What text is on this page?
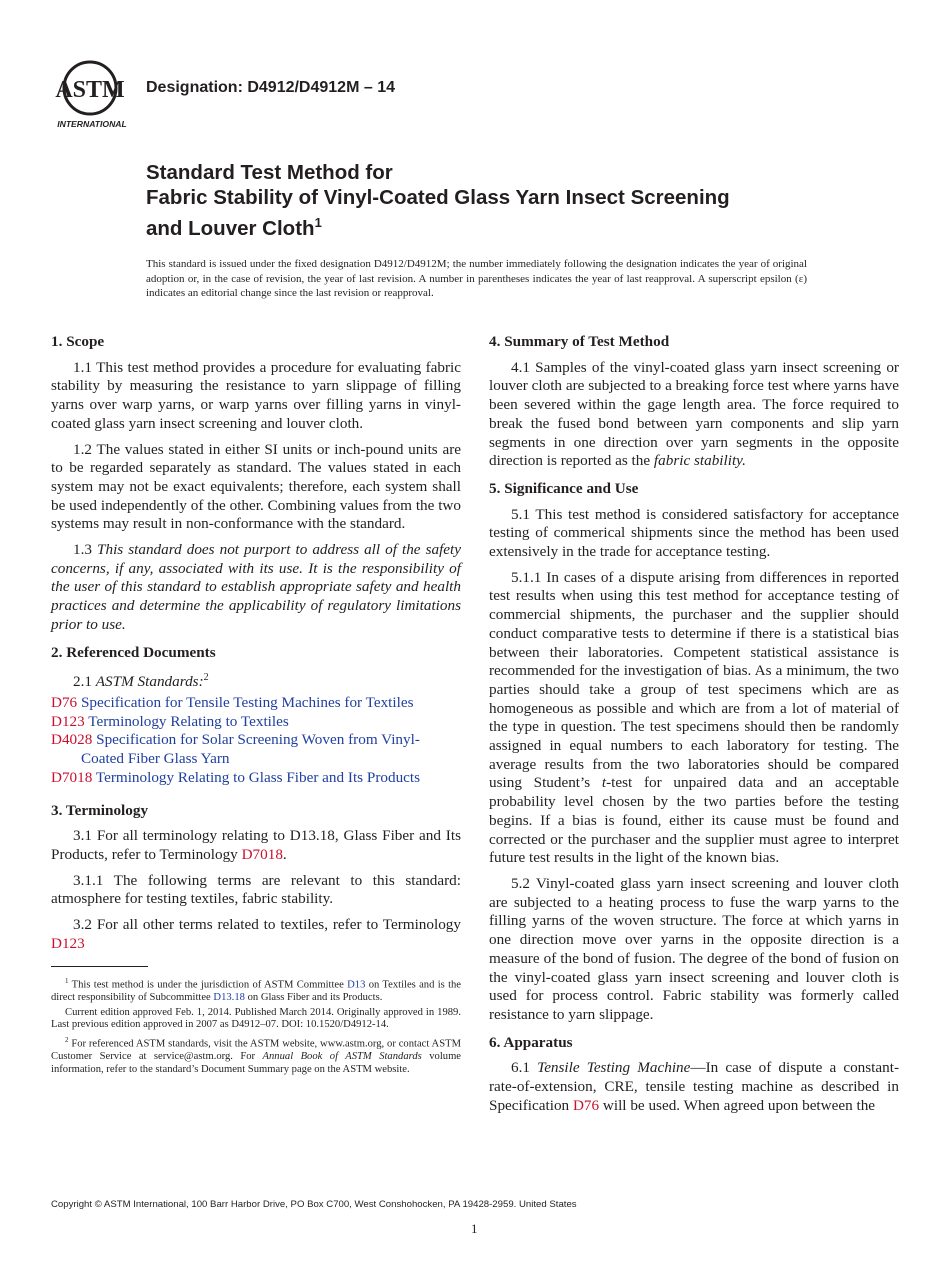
ASTM
INTERNATIONAL
Designation: D4912/D4912M – 14
Standard Test Method for
Fabric Stability of Vinyl-Coated Glass Yarn Insect Screening
and Louver Cloth$^1$
This standard is issued under the fixed designation D4912/D4912M; the number immediately following the designation indicates the year of original adoption or, in the case of revision, the year of last revision. A number in parentheses indicates the year of last reapproval. A superscript epsilon (ε) indicates an editorial change since the last revision or reapproval.
1. Scope
1.1 This test method provides a procedure for evaluating fabric stability by measuring the resistance to yarn slippage of filling yarns over warp yarns, or warp yarns over filling yarns in vinyl-coated glass yarn insect screening and louver cloth.
1.2 The values stated in either SI units or inch-pound units are to be regarded separately as standard. The values stated in each system may not be exact equivalents; therefore, each system shall be used independently of the other. Combining values from the two systems may result in non-conformance with the standard.
1.3 This standard does not purport to address all of the safety concerns, if any, associated with its use. It is the responsibility of the user of this standard to establish appropriate safety and health practices and determine the applicability of regulatory limitations prior to use.
2. Referenced Documents
2.1 ASTM Standards:$^2$
D76 Specification for Tensile Testing Machines for Textiles
D123 Terminology Relating to Textiles
D4028 Specification for Solar Screening Woven from Vinyl-Coated Fiber Glass Yarn
D7018 Terminology Relating to Glass Fiber and Its Products
3. Terminology
3.1 For all terminology relating to D13.18, Glass Fiber and Its Products, refer to Terminology D7018.
3.1.1 The following terms are relevant to this standard: atmosphere for testing textiles, fabric stability.
3.2 For all other terms related to textiles, refer to Terminology D123
$^1$ This test method is under the jurisdiction of ASTM Committee D13 on Textiles and is the direct responsibility of Subcommittee D13.18 on Glass Fiber and its Products.
Current edition approved Feb. 1, 2014. Published March 2014. Originally approved in 1989. Last previous edition approved in 2007 as D4912–07. DOI: 10.1520/D4912-14.
$^2$ For referenced ASTM standards, visit the ASTM website, www.astm.org, or contact ASTM Customer Service at service@astm.org. For Annual Book of ASTM Standards volume information, refer to the standard’s Document Summary page on the ASTM website.
4. Summary of Test Method
4.1 Samples of the vinyl-coated glass yarn insect screening or louver cloth are subjected to a breaking force test where yarns have been severed within the gage length area. The force required to break the fused bond between yarn components and slip yarn segments in one direction over yarn segments in the opposite direction is reported as the fabric stability.
5. Significance and Use
5.1 This test method is considered satisfactory for acceptance testing of commerical shipments since the method has been used extensively in the trade for acceptance testing.
5.1.1 In cases of a dispute arising from differences in reported test results when using this test method for acceptance testing of commercial shipments, the purchaser and the supplier should conduct comparative tests to determine if there is a statistical bias between their laboratories. Competent statistical assistance is recommended for the investigation of bias. As a minimum, the two parties should take a group of test specimens which are as homogeneous as possible and which are from a lot of material of the type in question. The test specimens should then be randomly assigned in equal numbers to each laboratory for testing. The average results from the two laboratories should be compared using Student’s t-test for unpaired data and an acceptable probability level chosen by the two parties before the testing begins. If a bias is found, either its cause must be found and corrected or the purchaser and the supplier must agree to interpret future test results in the light of the known bias.
5.2 Vinyl-coated glass yarn insect screening and louver cloth are subjected to a heating process to fuse the warp yarns to the filling yarns of the woven structure. The force at which yarns in one direction move over yarns in the opposite direction is a measure of the bond of fusion. The degree of the bond of fusion on the vinyl-coated glass yarn insect screening and louver cloth is used for process control. Fabric stability was formerly called resistance to yarn slippage.
6. Apparatus
6.1 Tensile Testing Machine—In case of dispute a constant-rate-of-extension, CRE, tensile testing machine as described in Specification D76 will be used. When agreed upon between the
Copyright © ASTM International, 100 Barr Harbor Drive, PO Box C700, West Conshohocken, PA 19428-2959. United States
1
